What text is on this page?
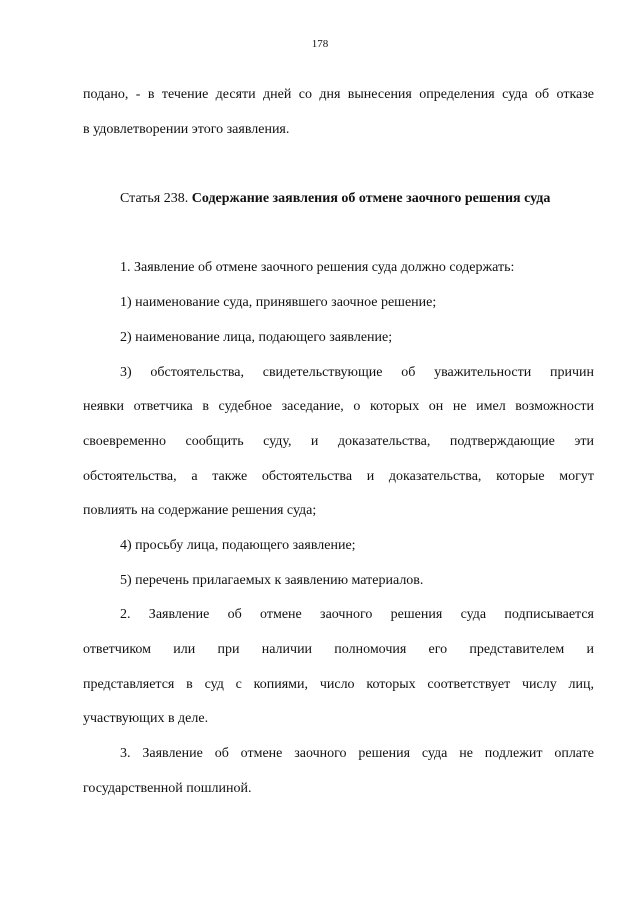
178
подано, - в течение десяти дней со дня вынесения определения суда об отказе
в удовлетворении этого заявления.
Статья 238. Содержание заявления об отмене заочного решения суда
1. Заявление об отмене заочного решения суда должно содержать:
1) наименование суда, принявшего заочное решение;
2) наименование лица, подающего заявление;
3) обстоятельства, свидетельствующие об уважительности причин
неявки ответчика в судебное заседание, о которых он не имел возможности
своевременно сообщить суду, и доказательства, подтверждающие эти
обстоятельства, а также обстоятельства и доказательства, которые могут
повлиять на содержание решения суда;
4) просьбу лица, подающего заявление;
5) перечень прилагаемых к заявлению материалов.
2. Заявление об отмене заочного решения суда подписывается
ответчиком или при наличии полномочия его представителем и
представляется в суд с копиями, число которых соответствует числу лиц,
участвующих в деле.
3. Заявление об отмене заочного решения суда не подлежит оплате
государственной пошлиной.
